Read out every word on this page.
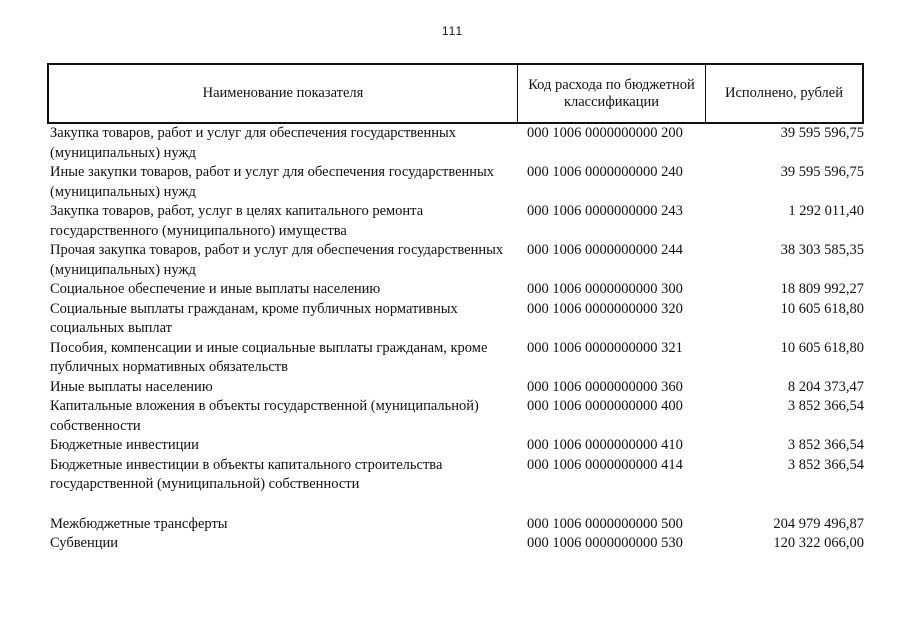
111
Наименование показателя
Код расхода по бюджетной классификации
Исполнено, рублей
Закупка товаров, работ и услуг для обеспечения государственных (муниципальных) нужд
000 1006 0000000000 200	39 595 596,75
Иные закупки товаров, работ и услуг для обеспечения государственных (муниципальных) нужд
000 1006 0000000000 240	39 595 596,75
Закупка товаров, работ, услуг в целях капитального ремонта государственного (муниципального) имущества
000 1006 0000000000 243	1 292 011,40
Прочая закупка товаров, работ и услуг для обеспечения государственных (муниципальных) нужд
000 1006 0000000000 244	38 303 585,35
Социальное обеспечение и иные выплаты населению	000 1006 0000000000 300	18 809 992,27
Социальные выплаты гражданам, кроме публичных нормативных социальных выплат
000 1006 0000000000 320	10 605 618,80
Пособия, компенсации и иные социальные выплаты гражданам, кроме публичных нормативных обязательств
000 1006 0000000000 321	10 605 618,80
Иные выплаты населению	000 1006 0000000000 360	8 204 373,47
Капитальные вложения в объекты государственной (муниципальной) собственности
000 1006 0000000000 400	3 852 366,54
Бюджетные инвестиции	000 1006 0000000000 410	3 852 366,54
Бюджетные инвестиции в объекты капитального строительства государственной (муниципальной) собственности
000 1006 0000000000 414	3 852 366,54
Межбюджетные трансферты	000 1006 0000000000 500	204 979 496,87
Субвенции	000 1006 0000000000 530	120 322 066,00
